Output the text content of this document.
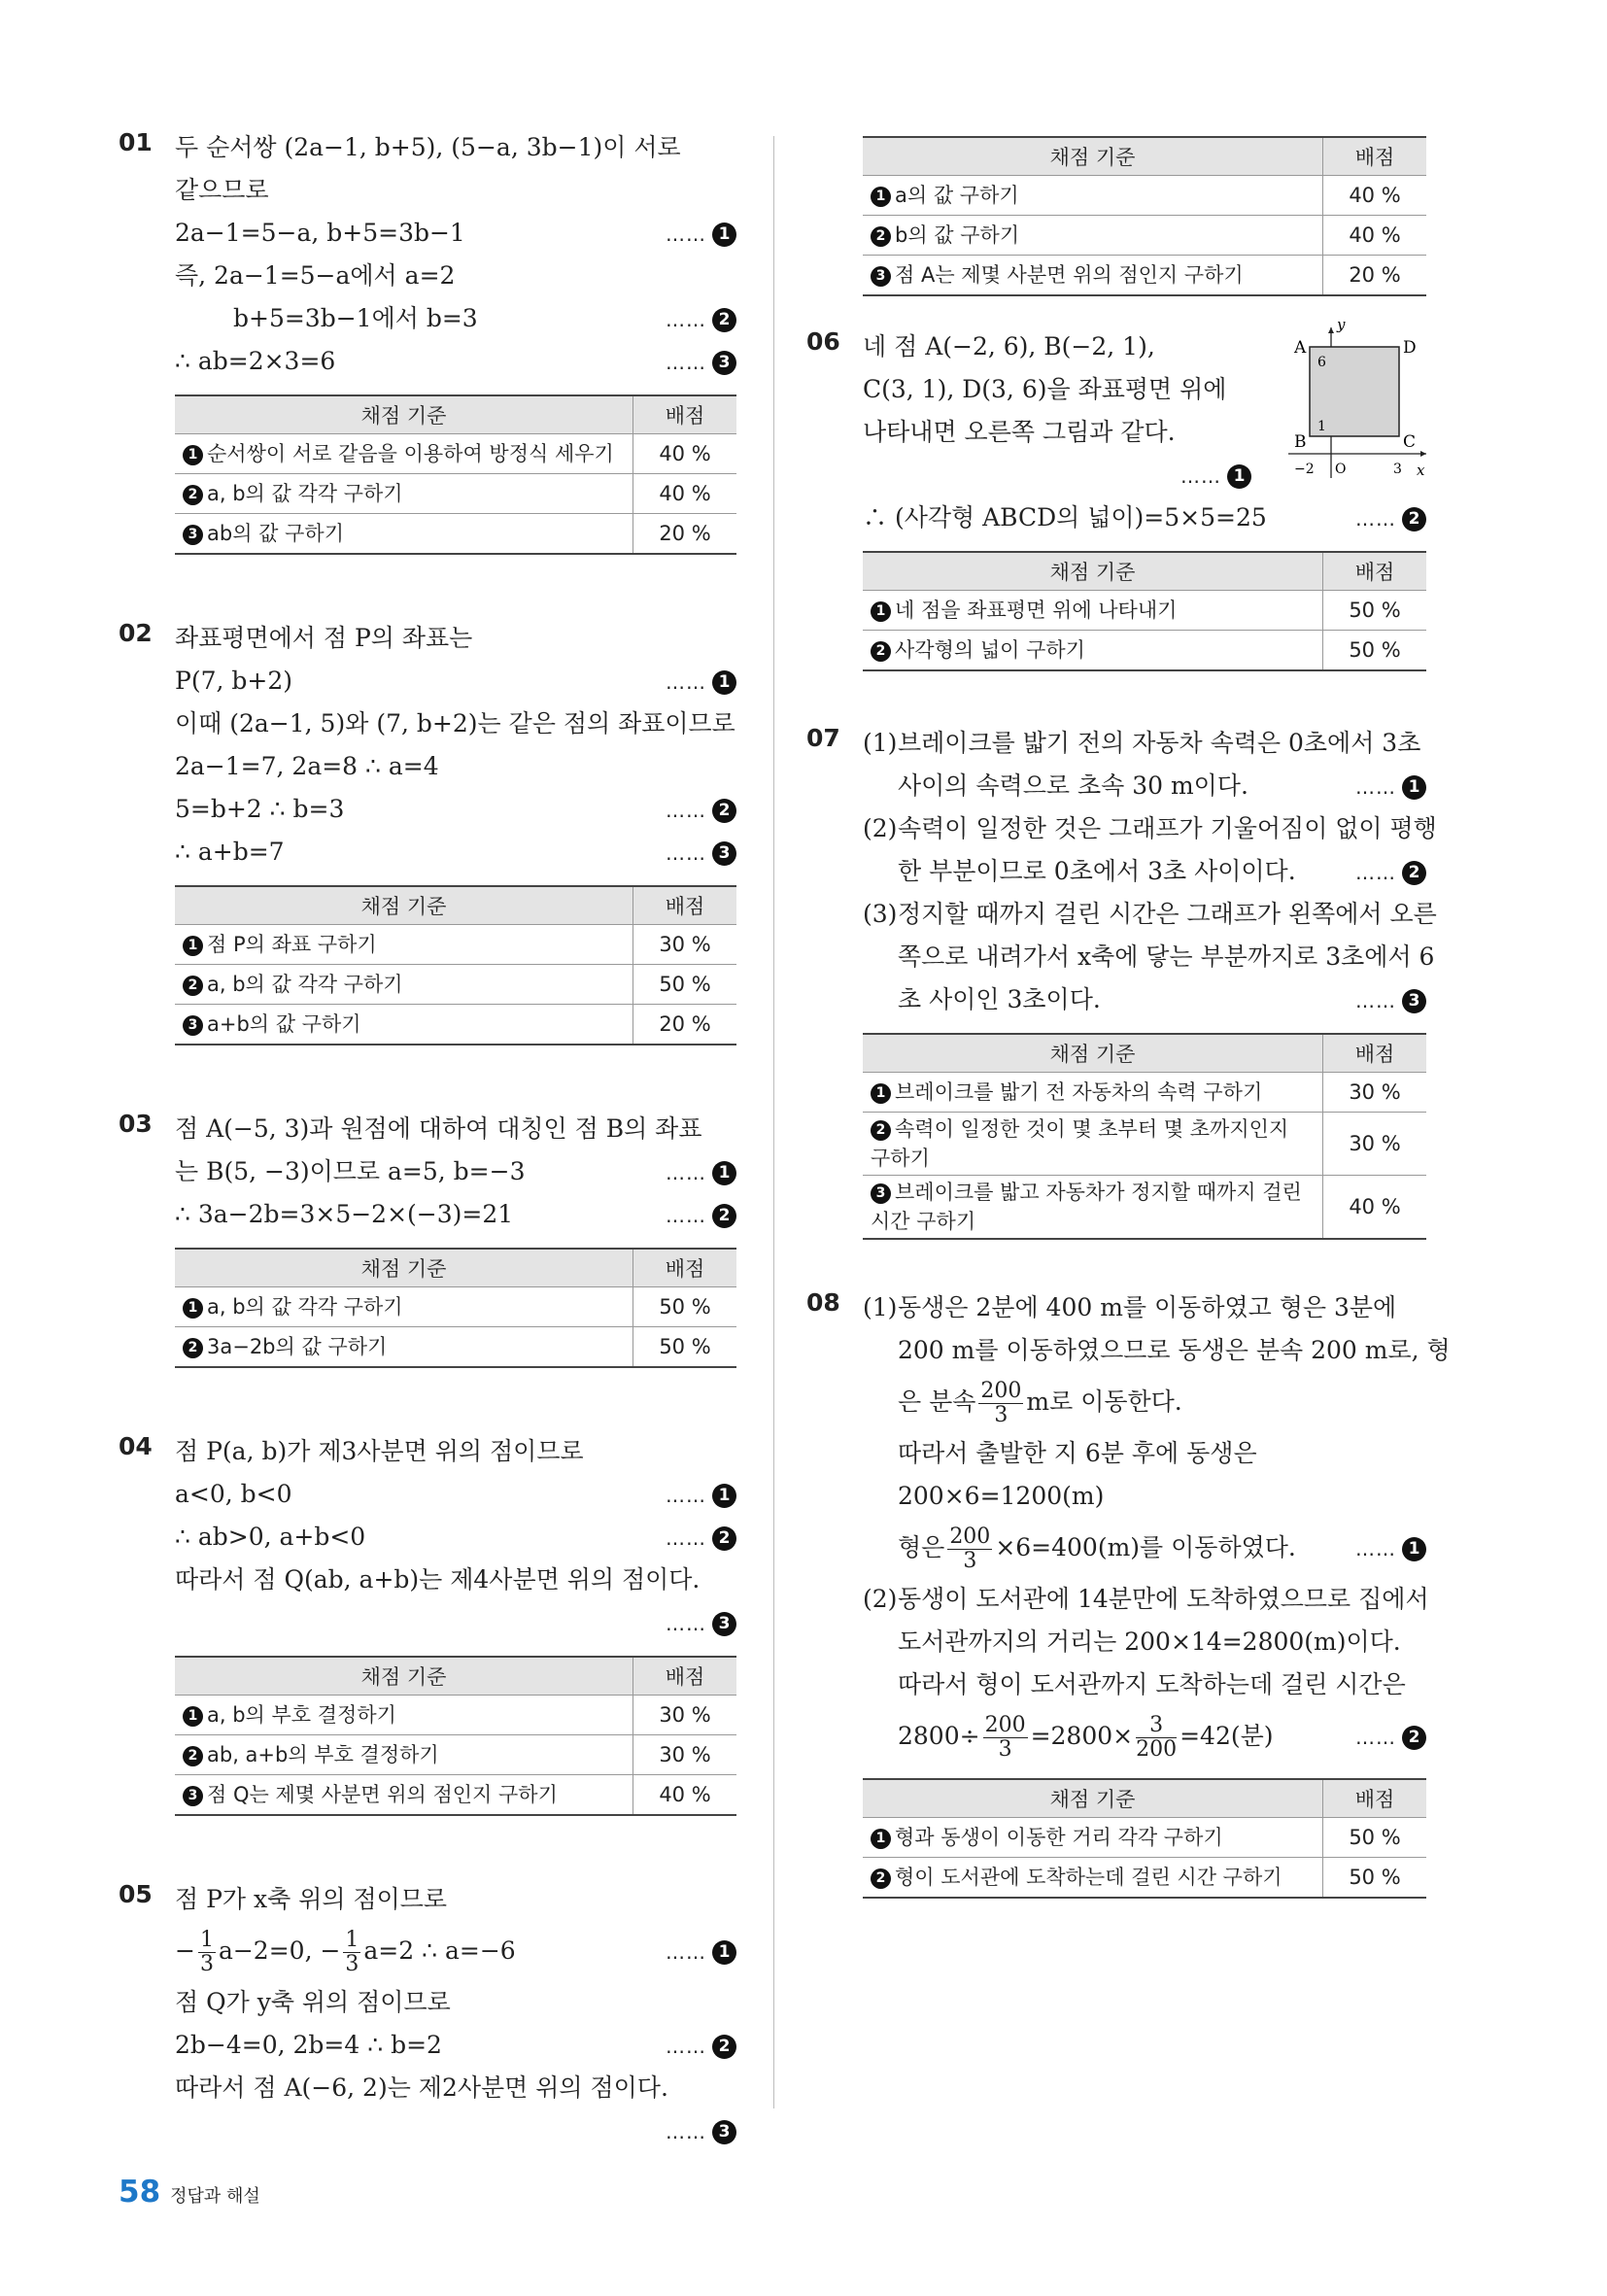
01 두 순서쌍 (2a−1, b+5), (5−a, 3b−1)이 서로
같으므로
2a−1=5−a, b+5=3b−1	…… 1
즉, 2a−1=5−a에서 a=2
b+5=3b−1에서 b=3	…… 2
∴ ab=2×3=6	…… 3
채점 기준	배점
1 순서쌍이 서로 같음을 이용하여 방정식 세우기	40 %
2 a, b의 값 각각 구하기	40 %
3 ab의 값 구하기	20 %
02 좌표평면에서 점 P의 좌표는
P(7, b+2)	…… 1
이때 (2a−1, 5)와 (7, b+2)는 같은 점의 좌표이므로
2a−1=7, 2a=8 ∴ a=4
5=b+2 ∴ b=3	…… 2
∴ a+b=7	…… 3
채점 기준	배점
1 점 P의 좌표 구하기	30 %
2 a, b의 값 각각 구하기	50 %
3 a+b의 값 구하기	20 %
03 점 A(−5, 3)과 원점에 대하여 대칭인 점 B의 좌표
는 B(5, −3)이므로 a=5, b=−3	…… 1
∴ 3a−2b=3×5−2×(−3)=21	…… 2
채점 기준	배점
1 a, b의 값 각각 구하기	50 %
2 3a−2b의 값 구하기	50 %
04 점 P(a, b)가 제3사분면 위의 점이므로
a<0, b<0	…… 1
∴ ab>0, a+b<0	…… 2
따라서 점 Q(ab, a+b)는 제4사분면 위의 점이다.

…… 3
채점 기준	배점
1 a, b의 부호 결정하기	30 %
2 ab, a+b의 부호 결정하기	30 %
3 점 Q는 제몇 사분면 위의 점인지 구하기	40 %
05 점 P가 x축 위의 점이므로
− $\frac{1}{3} a-2=0$, − $\frac{1}{3} a=2$ ∴ a=−6	…… 1
점 Q가 y축 위의 점이므로
2b−4=0, 2b=4 ∴ b=2	…… 2
따라서 점 A(−6, 2)는 제2사분면 위의 점이다.

…… 3
채점 기준	배점
1 a의 값 구하기	40 %
2 b의 값 구하기	40 %
3 점 A는 제몇 사분면 위의 점인지 구하기	20 %
06 네 점 A(−2, 6), B(−2, 1),
C(3, 1), D(3, 6)을 좌표평면 위에
나타내면 오른쪽 그림과 같다.

…… 1
A	D
B	C
y
x
6
1
−2 O	3
∴ (사각형 ABCD의 넓이)=5×5=25	…… 2
채점 기준	배점
1 네 점을 좌표평면 위에 나타내기	50 %
2 사각형의 넓이 구하기	50 %
07 (1) 브레이크를 밟기 전의 자동차 속력은 0초에서 3초
사이의 속력으로 초속 30 m이다.	…… 1
(2) 속력이 일정한 것은 그래프가 기울어짐이 없이 평행
한 부분이므로 0초에서 3초 사이이다.	…… 2
(3) 정지할 때까지 걸린 시간은 그래프가 왼쪽에서 오른
쪽으로 내려가서 x축에 닿는 부분까지로 3초에서 6
초 사이인 3초이다.	…… 3
채점 기준	배점
1 브레이크를 밟기 전 자동차의 속력 구하기	30 %
2 속력이 일정한 것이 몇 초부터 몇 초까지인지 구하기	30 %
3 브레이크를 밟고 자동차가 정지할 때까지 걸린 시간 구하기	40 %
08 (1) 동생은 2분에 400 m를 이동하였고 형은 3분에
200 m를 이동하였으므로 동생은 분속 200 m로, 형
은 분속 $\frac{200}{3}$ m로 이동한다.
따라서 출발한 지 6분 후에 동생은
200×6=1200(m)
형은 $\frac{200}{3} \times 6=400(m)$를 이동하였다.	…… 1
(2) 동생이 도서관에 14분만에 도착하였으므로 집에서
도서관까지의 거리는 200×14=2800(m)이다.
따라서 형이 도서관까지 도착하는데 걸린 시간은
$2800\div \frac{200}{3} =2800\times \frac{3}{200} =42$(분)	…… 2
채점 기준	배점
1 형과 동생이 이동한 거리 각각 구하기	50 %
2 형이 도서관에 도착하는데 걸린 시간 구하기	50 %
58 정답과 해설
